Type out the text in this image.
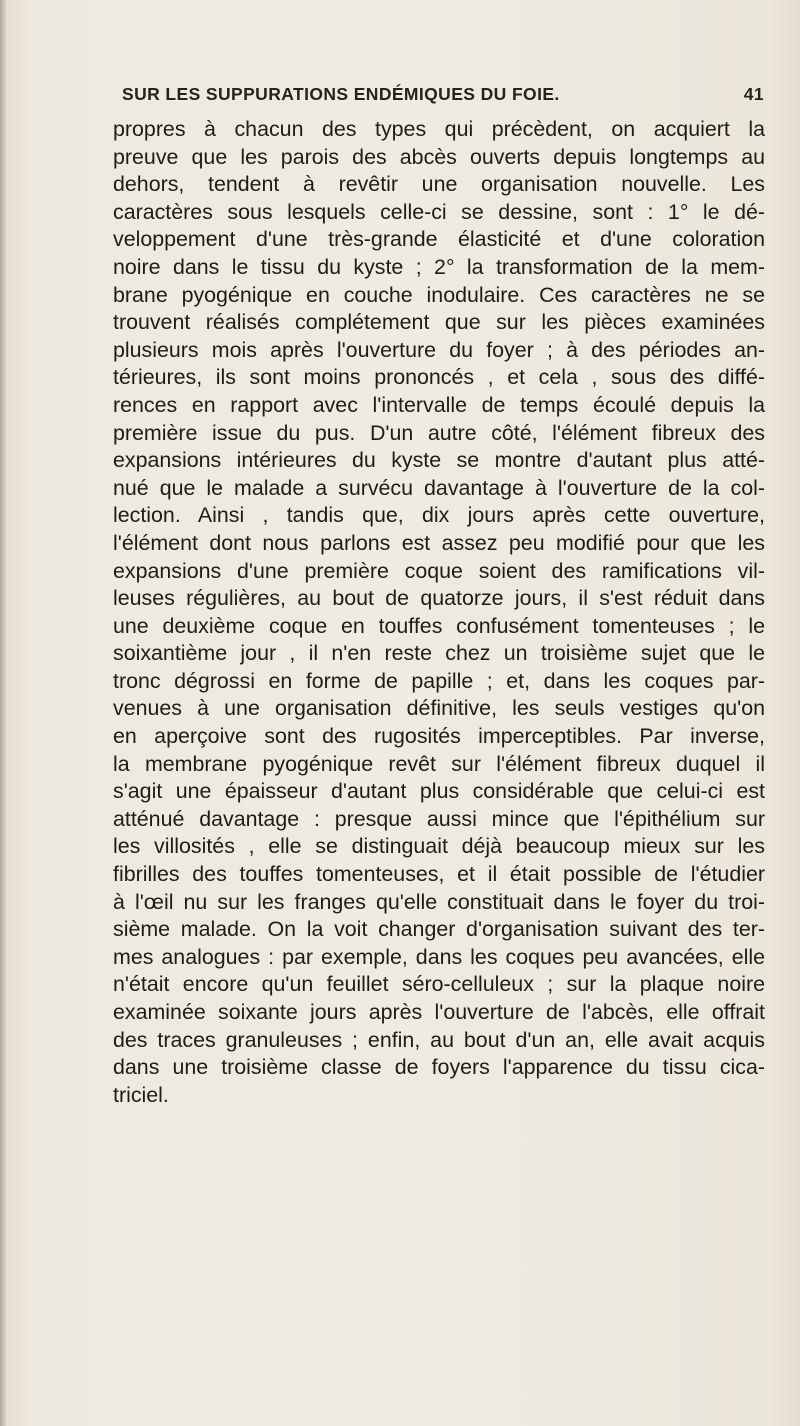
SUR LES SUPPURATIONS ENDÉMIQUES DU FOIE.	41
propres à chacun des types qui précèdent, on acquiert la
preuve que les parois des abcès ouverts depuis longtemps au
dehors, tendent à revêtir une organisation nouvelle. Les
caractères sous lesquels celle-ci se dessine, sont : 1° le dé-
veloppement d'une très-grande élasticité et d'une coloration
noire dans le tissu du kyste ; 2° la transformation de la mem-
brane pyogénique en couche inodulaire. Ces caractères ne se
trouvent réalisés complétement que sur les pièces examinées
plusieurs mois après l'ouverture du foyer ; à des périodes an-
térieures, ils sont moins prononcés , et cela , sous des diffé-
rences en rapport avec l'intervalle de temps écoulé depuis la
première issue du pus. D'un autre côté, l'élément fibreux des
expansions intérieures du kyste se montre d'autant plus atté-
nué que le malade a survécu davantage à l'ouverture de la col-
lection. Ainsi , tandis que, dix jours après cette ouverture,
l'élément dont nous parlons est assez peu modifié pour que les
expansions d'une première coque soient des ramifications vil-
leuses régulières, au bout de quatorze jours, il s'est réduit dans
une deuxième coque en touffes confusément tomenteuses ; le
soixantième jour , il n'en reste chez un troisième sujet que le
tronc dégrossi en forme de papille ; et, dans les coques par-
venues à une organisation définitive, les seuls vestiges qu'on
en aperçoive sont des rugosités imperceptibles. Par inverse,
la membrane pyogénique revêt sur l'élément fibreux duquel il
s'agit une épaisseur d'autant plus considérable que celui-ci est
atténué davantage : presque aussi mince que l'épithélium sur
les villosités , elle se distinguait déjà beaucoup mieux sur les
fibrilles des touffes tomenteuses, et il était possible de l'étudier
à l'œil nu sur les franges qu'elle constituait dans le foyer du troi-
sième malade. On la voit changer d'organisation suivant des ter-
mes analogues : par exemple, dans les coques peu avancées, elle
n'était encore qu'un feuillet séro-celluleux ; sur la plaque noire
examinée soixante jours après l'ouverture de l'abcès, elle offrait
des traces granuleuses ; enfin, au bout d'un an, elle avait acquis
dans une troisième classe de foyers l'apparence du tissu cica-
triciel.
